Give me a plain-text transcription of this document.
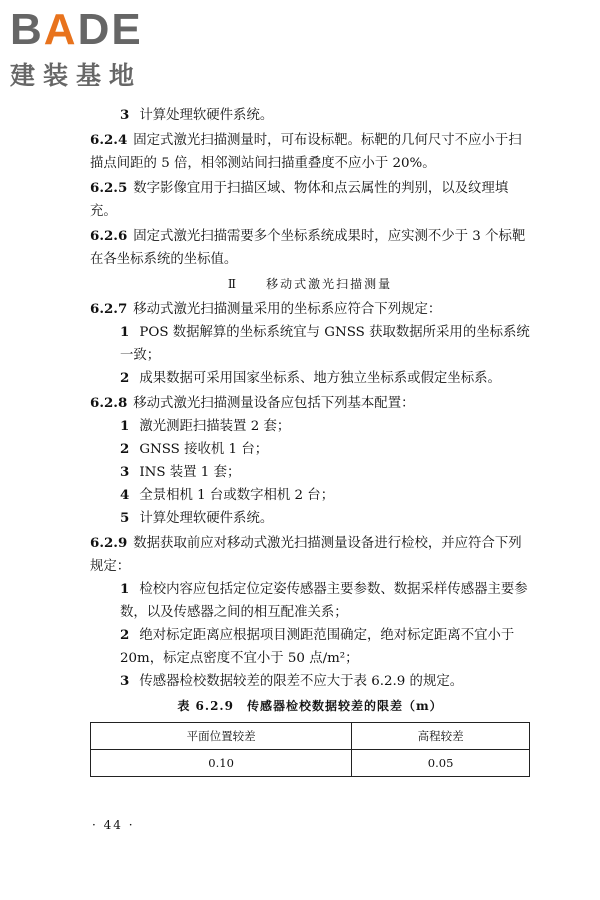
BADE
建装基地

3 计算处理软硬件系统。

6.2.4 固定式激光扫描测量时，可布设标靶。标靶的几何尺寸不应小于扫描点间距的 5 倍，相邻测站间扫描重叠度不应小于 20%。

6.2.5 数字影像宜用于扫描区域、物体和点云属性的判别，以及纹理填充。

6.2.6 固定式激光扫描需要多个坐标系统成果时，应实测不少于 3 个标靶在各坐标系统的坐标值。

Ⅱ　　 移动式激光扫描测量

6.2.7 移动式激光扫描测量采用的坐标系应符合下列规定：

1 POS 数据解算的坐标系统宜与 GNSS 获取数据所采用的坐标系统一致；

2 成果数据可采用国家坐标系、地方独立坐标系或假定坐标系。

6.2.8 移动式激光扫描测量设备应包括下列基本配置：

1 激光测距扫描装置 2 套；

2 GNSS 接收机 1 台；

3 INS 装置 1 套；

4 全景相机 1 台或数字相机 2 台；

5 计算处理软硬件系统。

6.2.9 数据获取前应对移动式激光扫描测量设备进行检校，并应符合下列规定：

1 检校内容应包括定位定姿传感器主要参数、数据采样传感器主要参数，以及传感器之间的相互配准关系；

2 绝对标定距离应根据项目测距范围确定，绝对标定距离不宜小于 20m，标定点密度不宜小于 50 点/m²；

3 传感器检校数据较差的限差不应大于表 6.2.9 的规定。

表 6.2.9　传感器检校数据较差的限差（m）

平面位置较差	高程较差
0.10	0.05
· 44 ·
